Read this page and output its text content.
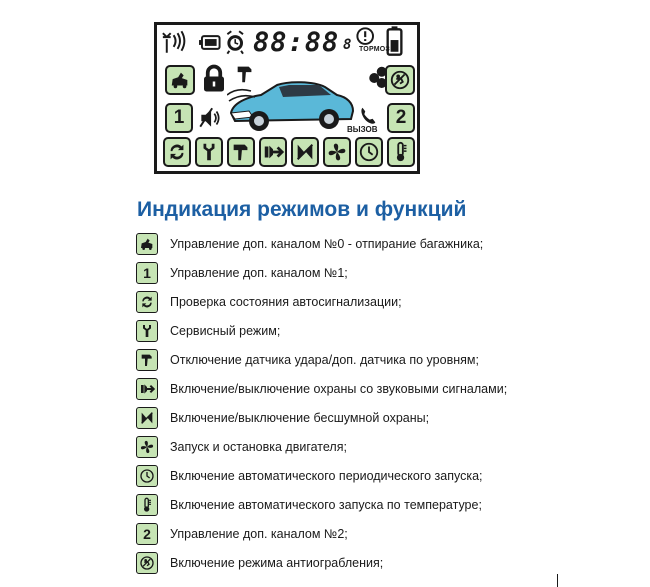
88:88 8 ТОРМОЗ
1
ВЫЗОВ
2
Индикация режимов и функций
Управление доп. каналом №0 - отпирание багажника;
1 Управление доп. каналом №1;
Проверка состояния автосигнализации;
Сервисный режим;
Отключение датчика удара/доп. датчика по уровням;
Включение/выключение охраны со звуковыми сигналами;
Включение/выключение бесшумной охраны;
Запуск и остановка двигателя;
Включение автоматического периодического запуска;
Включение автоматического запуска по температуре;
2 Управление доп. каналом №2;
Включение режима антиограбления;
